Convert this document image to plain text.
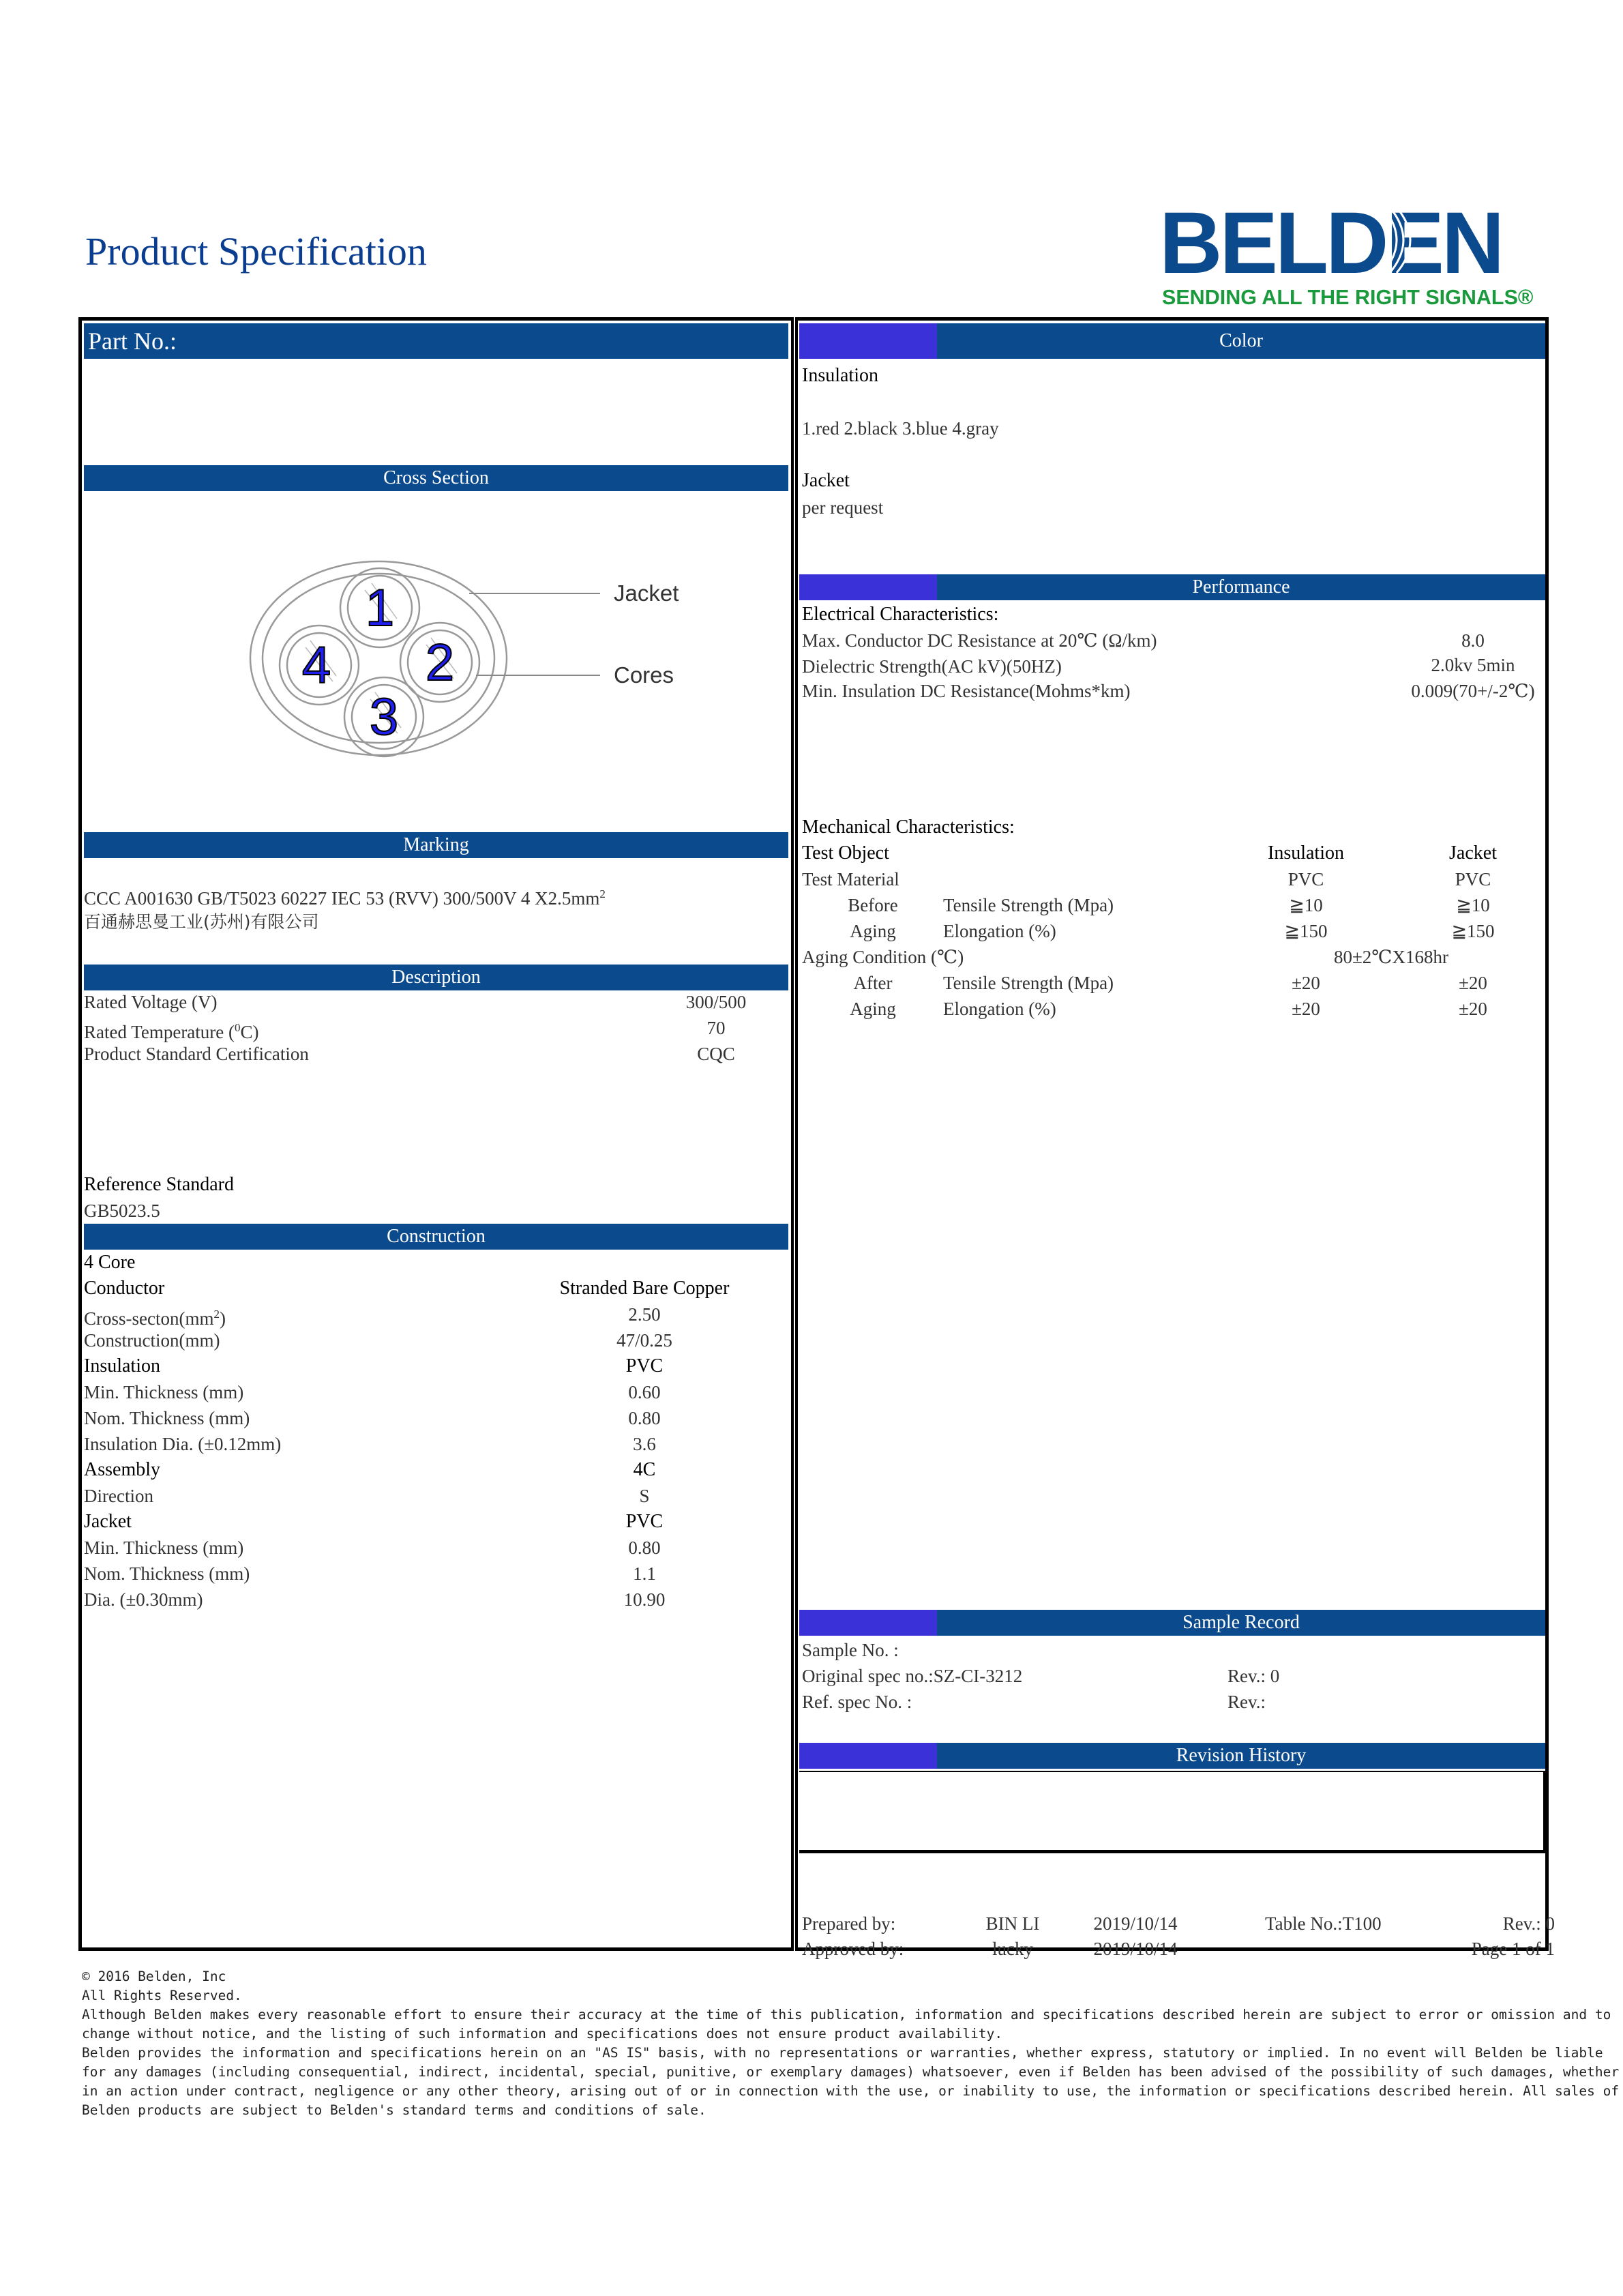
Product Specification	BELDEN
SENDING ALL THE RIGHT SIGNALS®
Part No.:
Cross Section
1
2
3
4
Jacket
Cores
Marking
CCC A001630 GB/T5023 60227 IEC 53 (RVV) 300/500V 4 $X2.5mm^2$
百通赫思曼工业(苏州)有限公司
Description
Rated Voltage (V)	300/500
Rated Temperature ($^0$C)	70
Product Standard Certification	CQC
Reference Standard
GB5023.5
Construction
4 Core
Conductor	Stranded Bare Copper
Cross-$secton(mm^2)$	2.50
Construction(mm)	47/0.25
Insulation	PVC
Min. Thickness (mm)	0.60
Nom. Thickness (mm)	0.80
Insulation Dia. (±0.12mm)	3.6
Assembly	4C
Direction	S
Jacket	PVC
Min. Thickness (mm)	0.80
Nom. Thickness (mm)	1.1
Dia. (±0.30mm)	10.90
Color
Insulation
1.red 2.black 3.blue 4.gray
Jacket
per request
Performance
Electrical Characteristics:
Max. Conductor DC Resistance at 20℃ (Ω/km)	8.0
Dielectric Strength(AC kV)(50HZ)	2.0kv 5min
Min. Insulation DC Resistance(Mohms*km)	0.009(70+/-2℃)
Mechanical Characteristics:
Test Object	Insulation	Jacket
Test Material	PVC	PVC
Before	Tensile Strength (Mpa)	≧10	≧10
Aging	Elongation (%)	≧150	≧150
Aging Condition (℃)	80±2℃X168hr
After	Tensile Strength (Mpa)	±20	±20
Aging	Elongation (%)	±20	±20
Sample Record
Sample No. :
Original spec no.:SZ-CI-3212	Rev.: 0
Ref. spec No. :	Rev.:
Revision History
Prepared by:	BIN LI	2019/10/14	Table No.:T100	Rev.: 0
Approved by:	lucky	2019/10/14	Page 1 of 1
© 2016 Belden, Inc
All Rights Reserved.
Although Belden makes every reasonable effort to ensure their accuracy at the time of this publication, information and specifications described herein are subject to error or omission and to
change without notice, and the listing of such information and specifications does not ensure product availability.
Belden provides the information and specifications herein on an "AS IS" basis, with no representations or warranties, whether express, statutory or implied. In no event will Belden be liable
for any damages (including consequential, indirect, incidental, special, punitive, or exemplary damages) whatsoever, even if Belden has been advised of the possibility of such damages, whether
in an action under contract, negligence or any other theory, arising out of or in connection with the use, or inability to use, the information or specifications described herein. All sales of
Belden products are subject to Belden's standard terms and conditions of sale.
